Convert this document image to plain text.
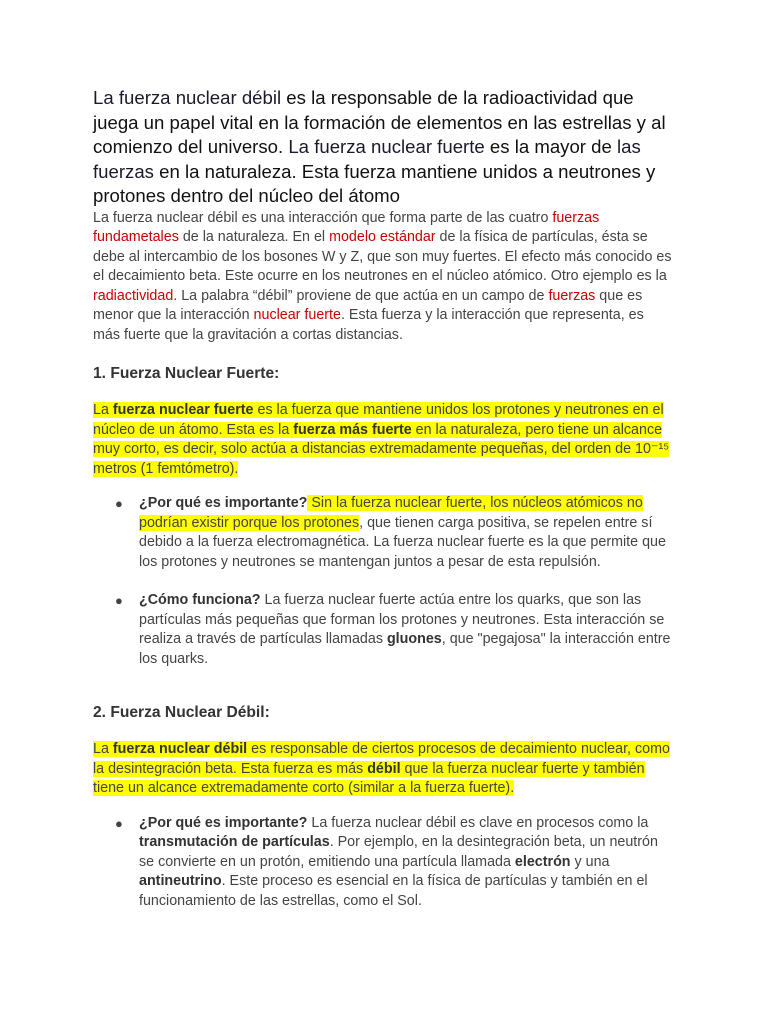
La fuerza nuclear débil es la responsable de la radioactividad que juega un papel vital en la formación de elementos en las estrellas y al comienzo del universo. La fuerza nuclear fuerte es la mayor de las fuerzas en la naturaleza. Esta fuerza mantiene unidos a neutrones y protones dentro del núcleo del átomo

La fuerza nuclear débil es una interacción que forma parte de las cuatro fuerzas fundametales de la naturaleza. En el modelo estándar de la física de partículas, ésta se debe al intercambio de los bosones W y Z, que son muy fuertes. El efecto más conocido es el decaimiento beta. Este ocurre en los neutrones en el núcleo atómico. Otro ejemplo es la radiactividad. La palabra “débil” proviene de que actúa en un campo de fuerzas que es menor que la interacción nuclear fuerte. Esta fuerza y la interacción que representa, es más fuerte que la gravitación a cortas distancias.

1. Fuerza Nuclear Fuerte:

La fuerza nuclear fuerte es la fuerza que mantiene unidos los protones y neutrones en el núcleo de un átomo. Esta es la fuerza más fuerte en la naturaleza, pero tiene un alcance muy corto, es decir, solo actúa a distancias extremadamente pequeñas, del orden de 10⁻¹⁵ metros (1 femtómetro).

● ¿Por qué es importante? Sin la fuerza nuclear fuerte, los núcleos atómicos no podrían existir porque los protones, que tienen carga positiva, se repelen entre sí debido a la fuerza electromagnética. La fuerza nuclear fuerte es la que permite que los protones y neutrones se mantengan juntos a pesar de esta repulsión.
● ¿Cómo funciona? La fuerza nuclear fuerte actúa entre los quarks, que son las partículas más pequeñas que forman los protones y neutrones. Esta interacción se realiza a través de partículas llamadas gluones, que "pegajosa" la interacción entre los quarks.
2. Fuerza Nuclear Débil:

La fuerza nuclear débil es responsable de ciertos procesos de decaimiento nuclear, como la desintegración beta. Esta fuerza es más débil que la fuerza nuclear fuerte y también tiene un alcance extremadamente corto (similar a la fuerza fuerte).

● ¿Por qué es importante? La fuerza nuclear débil es clave en procesos como la transmutación de partículas. Por ejemplo, en la desintegración beta, un neutrón se convierte en un protón, emitiendo una partícula llamada electrón y una antineutrino. Este proceso es esencial en la física de partículas y también en el funcionamiento de las estrellas, como el Sol.
